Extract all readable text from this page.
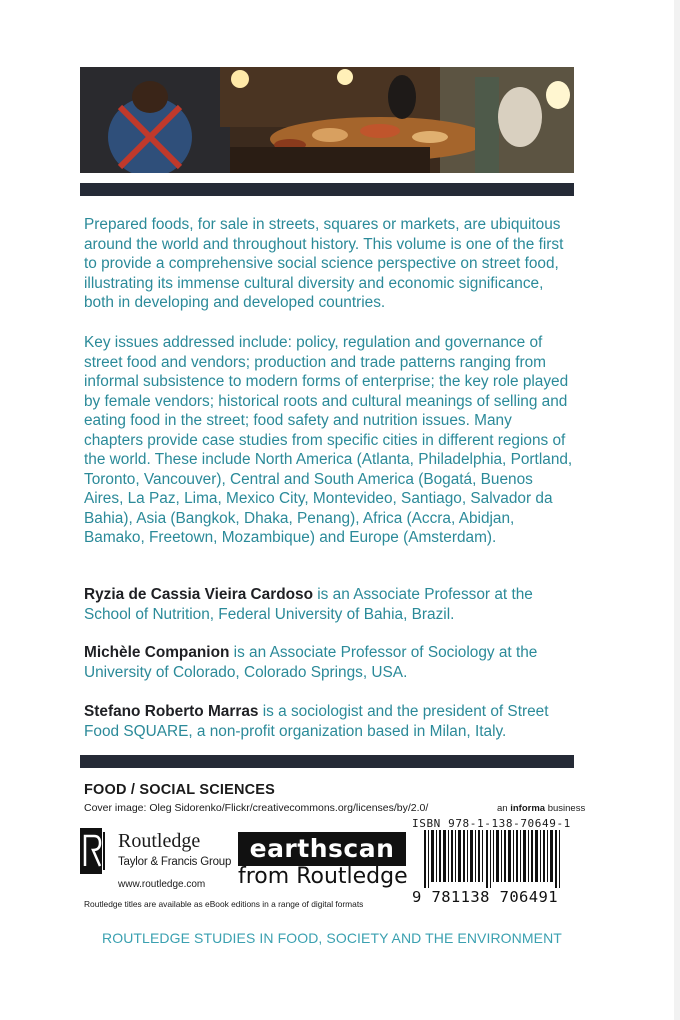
Prepared foods, for sale in streets, squares or markets, are ubiquitous around the world and throughout history. This volume is one of the first to provide a comprehensive social science perspective on street food, illustrating its immense cultural diversity and economic significance, both in developing and developed countries.
Key issues addressed include: policy, regulation and governance of street food and vendors; production and trade patterns ranging from informal subsistence to modern forms of enterprise; the key role played by female vendors; historical roots and cultural meanings of selling and eating food in the street; food safety and nutrition issues. Many chapters provide case studies from specific cities in different regions of the world. These include North America (Atlanta, Philadelphia, Portland, Toronto, Vancouver), Central and South America (Bogatá, Buenos Aires, La Paz, Lima, Mexico City, Montevideo, Santiago, Salvador da Bahia), Asia (Bangkok, Dhaka, Penang), Africa (Accra, Abidjan, Bamako, Freetown, Mozambique) and Europe (Amsterdam).
Ryzia de Cassia Vieira Cardoso is an Associate Professor at the School of Nutrition, Federal University of Bahia, Brazil.
Michèle Companion is an Associate Professor of Sociology at the University of Colorado, Colorado Springs, USA.
Stefano Roberto Marras is a sociologist and the president of Street Food SQUARE, a non-profit organization based in Milan, Italy.
FOOD / SOCIAL SCIENCES
Cover image: Oleg Sidorenko/Flickr/creativecommons.org/licenses/by/2.0/	an informa business
ISBN 978-1-138-70649-1
Routledge
Taylor & Francis Group
www.routledge.com
Routledge titles are available as eBook editions in a range of digital formats
earthscan
from Routledge
9 781138 706491
ROUTLEDGE STUDIES IN FOOD, SOCIETY AND THE ENVIRONMENT
